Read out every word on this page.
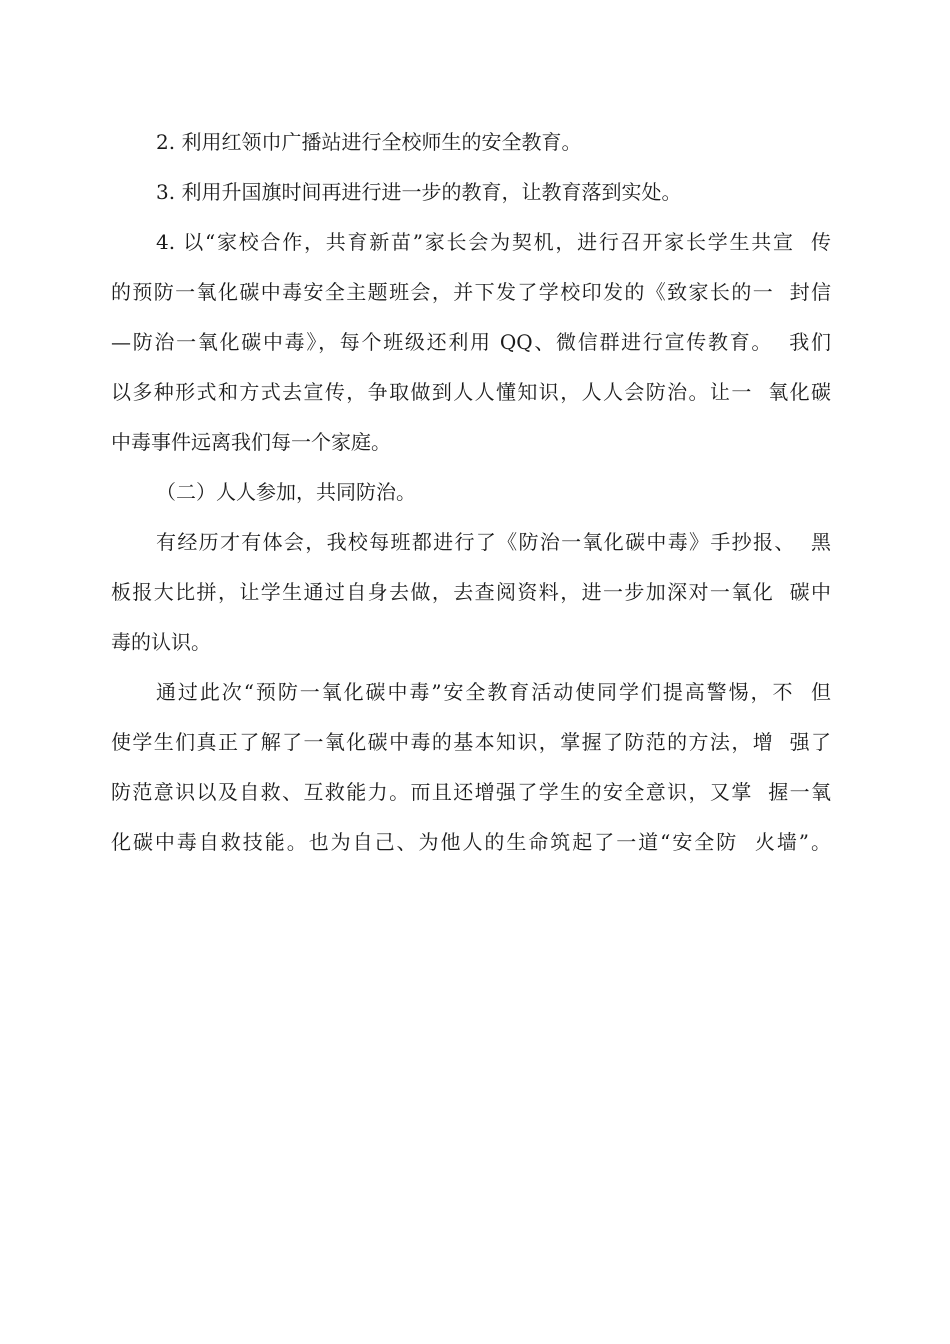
2. 利用红领巾广播站进行全校师生的安全教育。
3. 利用升国旗时间再进行进一步的教育，让教育落到实处。
4. 以“家校合作，共育新苗”家长会为契机，进行召开家长学生共宣  传
的预防一氧化碳中毒安全主题班会，并下发了学校印发的《致家长的一  封信
—防治一氧化碳中毒》，每个班级还利用 QQ、微信群进行宣传教育。  我们
以多种形式和方式去宣传，争取做到人人懂知识，人人会防治。让一  氧化碳
中毒事件远离我们每一个家庭。
（二）人人参加，共同防治。
有经历才有体会，我校每班都进行了《防治一氧化碳中毒》手抄报、  黑
板报大比拼，让学生通过自身去做，去查阅资料，进一步加深对一氧化  碳中
毒的认识。
通过此次“预防一氧化碳中毒”安全教育活动使同学们提高警惕，不  但
使学生们真正了解了一氧化碳中毒的基本知识，掌握了防范的方法，增  强了
防范意识以及自救、互救能力。而且还增强了学生的安全意识，又掌  握一氧
化碳中毒自救技能。也为自己、为他人的生命筑起了一道“安全防  火墙”。
